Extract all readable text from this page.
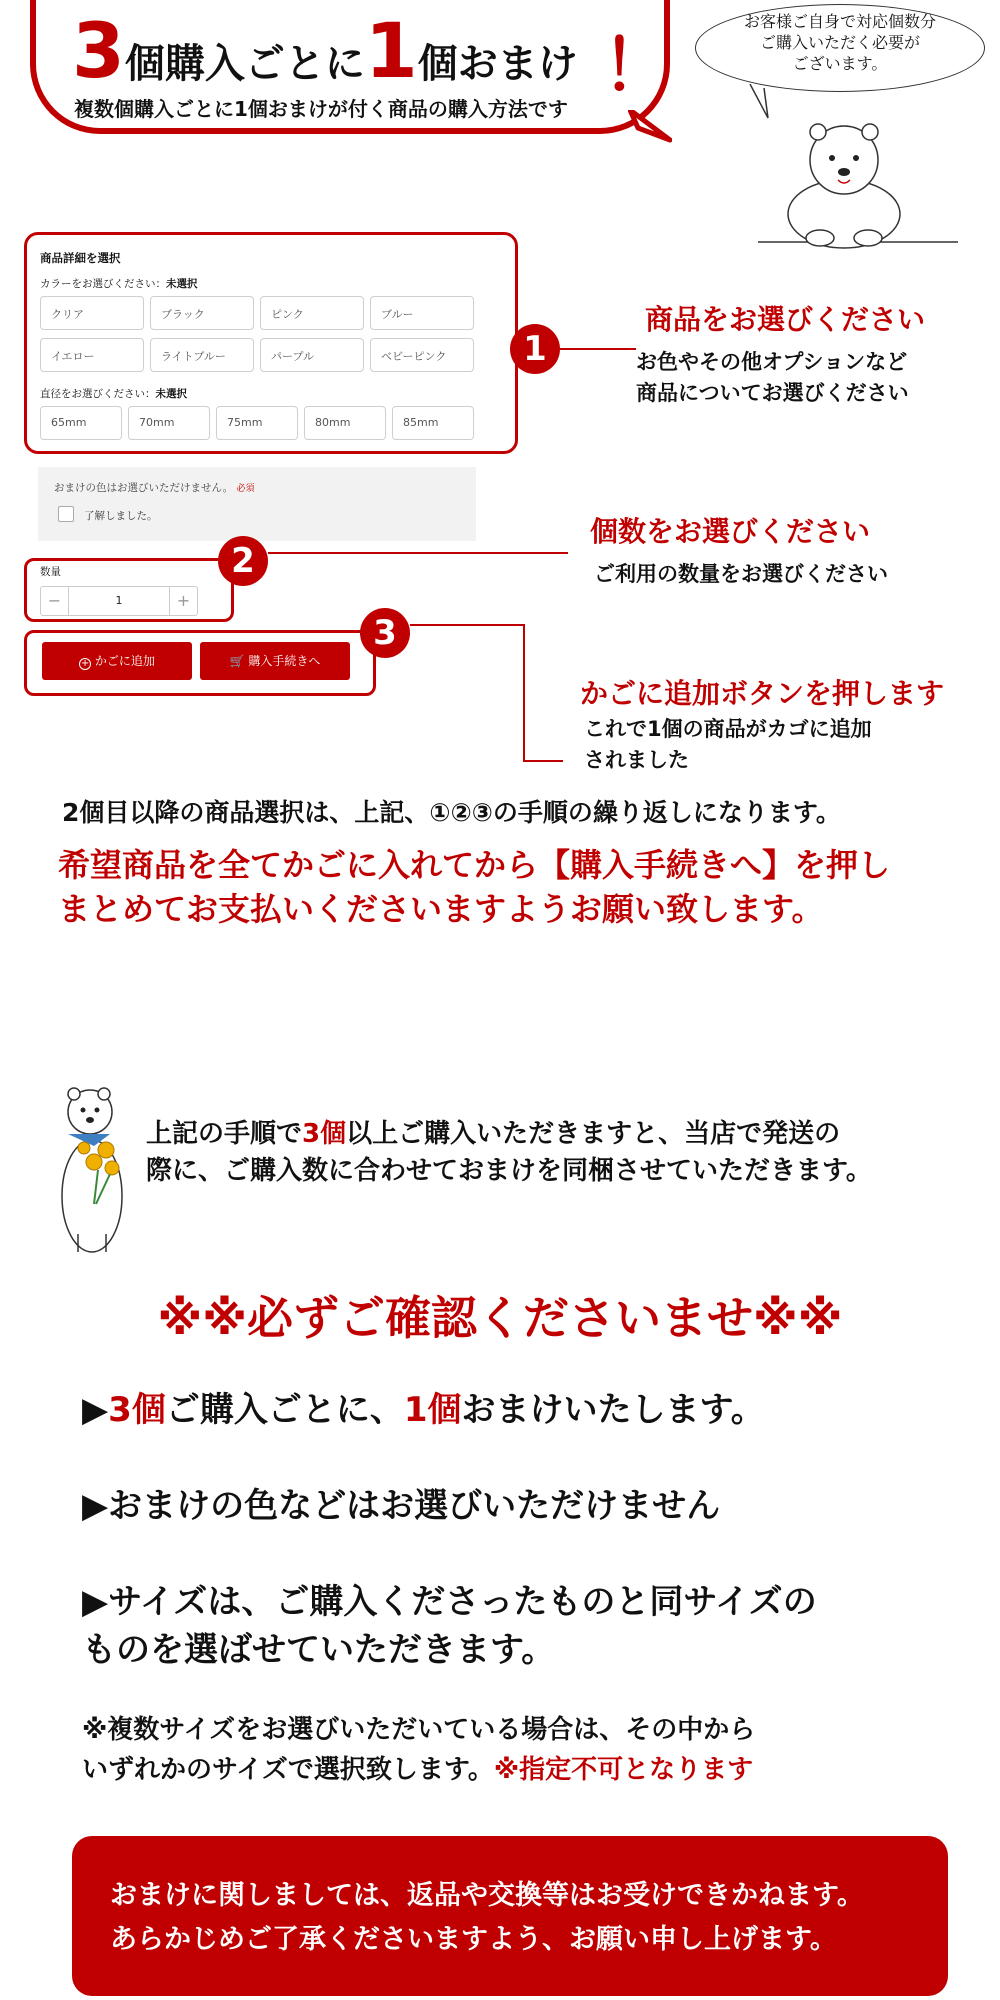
3個購入ごとに1個おまけ ！
複数個購入ごとに1個おまけが付く商品の購入方法です
お客様ご自身で対応個数分
ご購入いただく必要が
ございます。
商品詳細を選択
カラーをお選びください：未選択
クリア	ブラック	ピンク	ブルー
イエロー	ライトブルー	パープル	ベビーピンク
直径をお選びください：未選択
65mm	70mm	75mm	80mm	85mm
おまけの色はお選びいただけません。 必須
了解しました。
数量
−	1	+
+ かごに追加	🛒 購入手続きへ
1
2
3
商品をお選びください
お色やその他オプションなど
商品についてお選びください
個数をお選びください
ご利用の数量をお選びください
かごに追加ボタンを押します
これで1個の商品がカゴに追加
されました
2個目以降の商品選択は、上記、①②③の手順の繰り返しになります。
希望商品を全てかごに入れてから【購入手続きへ】を押し
まとめてお支払いくださいますようお願い致します。
上記の手順で3個以上ご購入いただきますと、当店で発送の
際に、ご購入数に合わせておまけを同梱させていただきます。
※※必ずご確認くださいませ※※
▶3個ご購入ごとに、1個おまけいたします。
▶おまけの色などはお選びいただけません
▶サイズは、ご購入くださったものと同サイズの
ものを選ばせていただきます。
※複数サイズをお選びいただいている場合は、その中から
いずれかのサイズで選択致します。※指定不可となります
おまけに関しましては、返品や交換等はお受けできかねます。
あらかじめご了承くださいますよう、お願い申し上げます。
